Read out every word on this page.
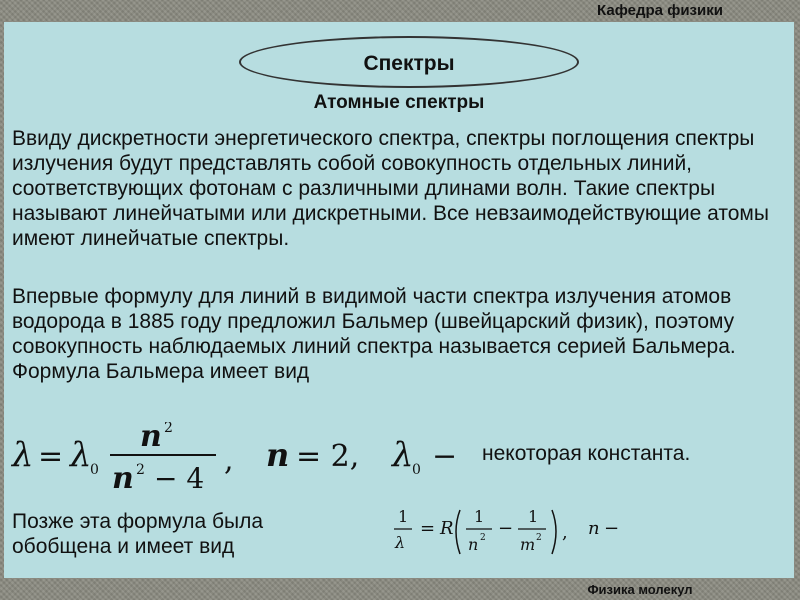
Кафедра физики
Спектры
Атомные спектры

Ввиду дискретности энергетического спектра, спектры поглощения спектры излучения будут представлять собой совокупность отдельных линий, соответствующих фотонам с различными длинами волн. Такие спектры называют линейчатыми или дискретными. Все невзаимодействующие атомы имеют линейчатые спектры.

Впервые формулу для линий в видимой части спектра излучения атомов водорода в 1885 году предложил Бальмер (швейцарский физик), поэтому совокупность наблюдаемых линий спектра называется серией Бальмера. Формула Бальмера имеет вид

λ = λ
0
n 2
n 2 − 4
, n = 2, λ
0 − некоторая константа.

Позже эта формула была обобщена и имеет вид

1
λ
= R
1
n 2 −
1
m 2 , n −
Физика молекул
